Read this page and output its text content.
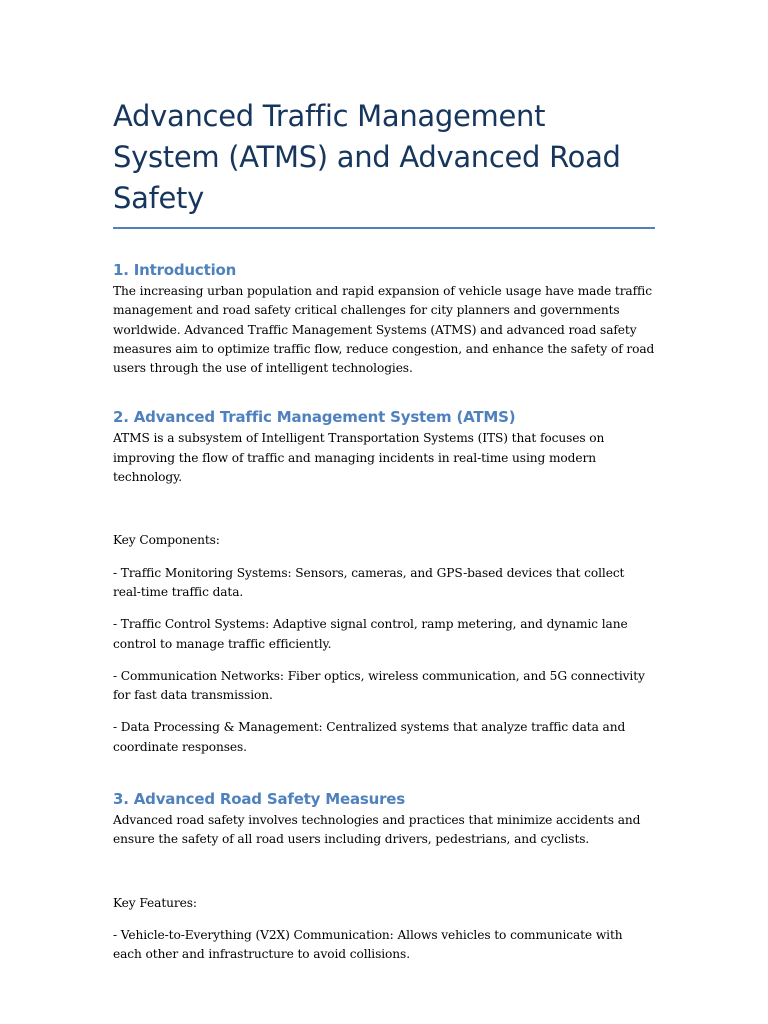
Advanced Traffic Management System (ATMS) and Advanced Road Safety
1. Introduction

The increasing urban population and rapid expansion of vehicle usage have made traffic management and road safety critical challenges for city planners and governments worldwide. Advanced Traffic Management Systems (ATMS) and advanced road safety measures aim to optimize traffic flow, reduce congestion, and enhance the safety of road users through the use of intelligent technologies.

2. Advanced Traffic Management System (ATMS)

ATMS is a subsystem of Intelligent Transportation Systems (ITS) that focuses on improving the flow of traffic and managing incidents in real-time using modern technology.

Key Components:

- Traffic Monitoring Systems: Sensors, cameras, and GPS-based devices that collect real-time traffic data.

- Traffic Control Systems: Adaptive signal control, ramp metering, and dynamic lane control to manage traffic efficiently.

- Communication Networks: Fiber optics, wireless communication, and 5G connectivity for fast data transmission.

- Data Processing & Management: Centralized systems that analyze traffic data and coordinate responses.

3. Advanced Road Safety Measures

Advanced road safety involves technologies and practices that minimize accidents and ensure the safety of all road users including drivers, pedestrians, and cyclists.

Key Features:

- Vehicle-to-Everything (V2X) Communication: Allows vehicles to communicate with each other and infrastructure to avoid collisions.
